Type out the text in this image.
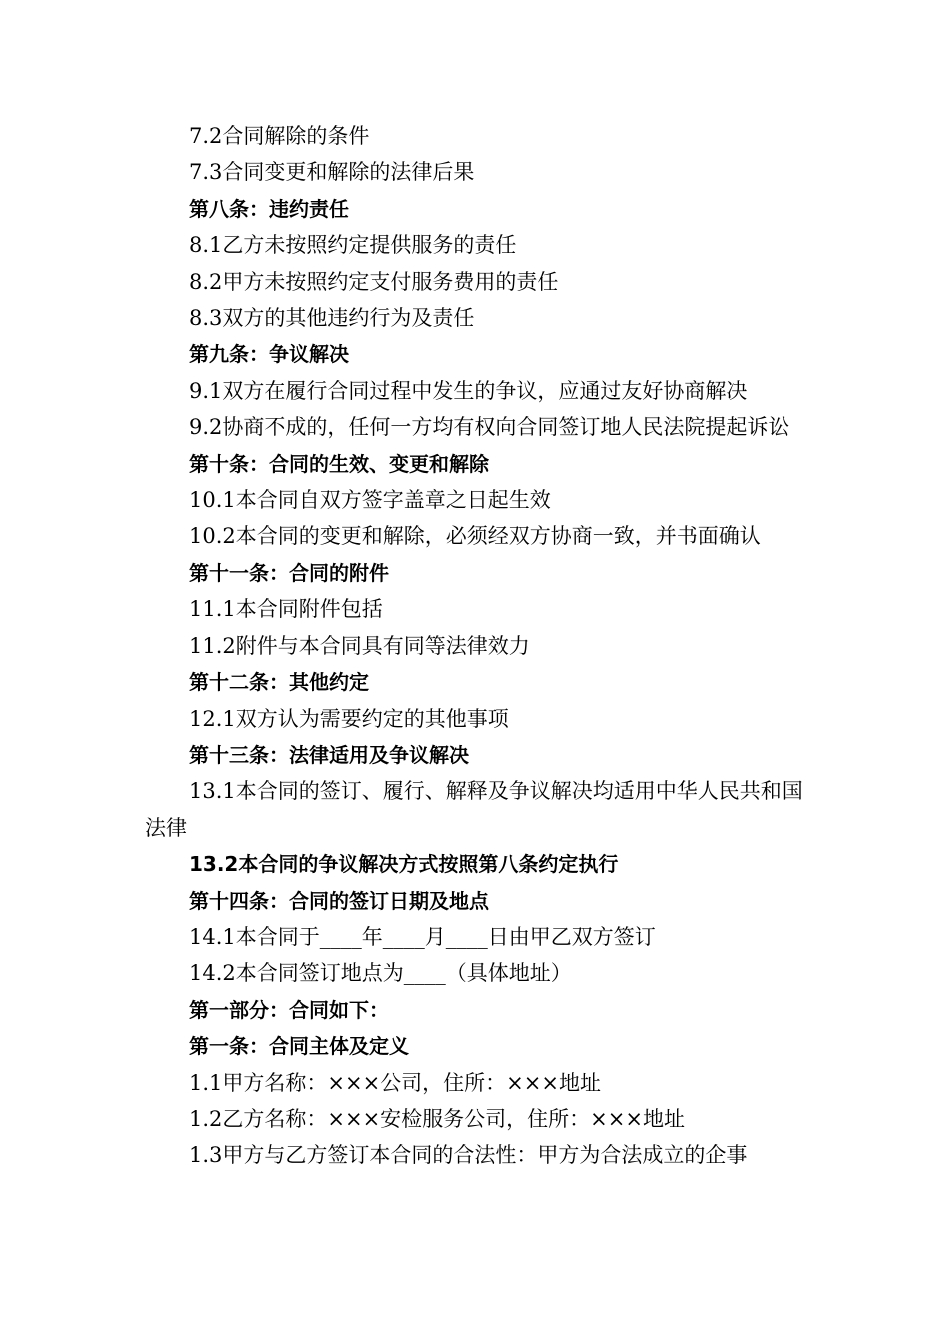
7.2合同解除的条件

7.3合同变更和解除的法律后果

第八条：违约责任

8.1乙方未按照约定提供服务的责任

8.2甲方未按照约定支付服务费用的责任

8.3双方的其他违约行为及责任

第九条：争议解决

9.1双方在履行合同过程中发生的争议，应通过友好协商解决

9.2协商不成的，任何一方均有权向合同签订地人民法院提起诉讼

第十条：合同的生效、变更和解除

10.1本合同自双方签字盖章之日起生效

10.2本合同的变更和解除，必须经双方协商一致，并书面确认

第十一条：合同的附件

11.1本合同附件包括

11.2附件与本合同具有同等法律效力

第十二条：其他约定

12.1双方认为需要约定的其他事项

第十三条：法律适用及争议解决

13.1本合同的签订、履行、解释及争议解决均适用中华人民共和国法律

13.2本合同的争议解决方式按照第八条约定执行

第十四条：合同的签订日期及地点

14.1本合同于____年____月____日由甲乙双方签订

14.2本合同签订地点为____（具体地址）

第一部分：合同如下：

第一条：合同主体及定义

1.1甲方名称：×××公司，住所：×××地址

1.2乙方名称：×××安检服务公司，住所：×××地址

1.3甲方与乙方签订本合同的合法性：甲方为合法成立的企事
